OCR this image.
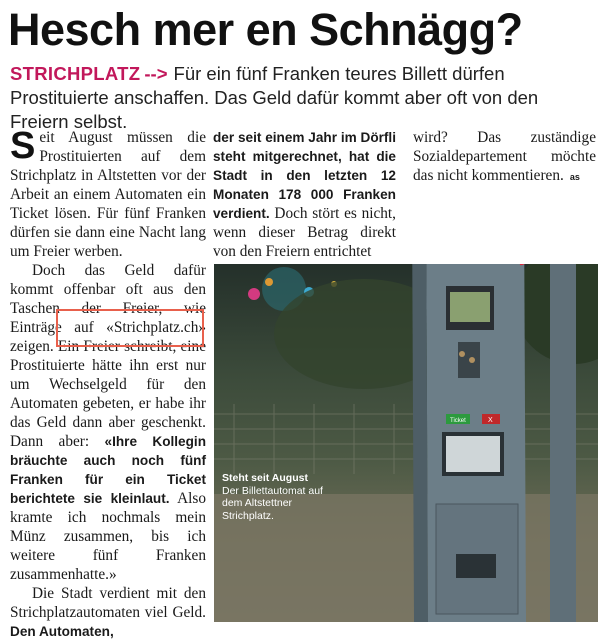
Hesch mer en Schnägg?
STRICHPLATZ --> Für ein fünf Franken teures Billett dürfen Prostituierte anschaffen. Das Geld dafür kommt aber oft von den Freiern selbst.

Seit August müssen die Prostituierten auf dem Strichplatz in Altstetten vor der Arbeit an einem Automaten ein Ticket lösen. Für fünf Franken dürfen sie dann eine Nacht lang um Freier werben.

Doch das Geld dafür kommt offenbar oft aus den Taschen der Freier, wie Einträge auf «Strichplatz.ch» zeigen. Ein Freier schreibt, eine Prostituierte hätte ihn erst nur um Wechselgeld für den Automaten gebeten, er habe ihr das Geld dann aber geschenkt. Dann aber: «Ihre Kollegin bräuchte auch noch fünf Franken für ein Ticket berichtete sie kleinlaut. Also kramte ich nochmals mein Münz zusammen, bis ich weitere fünf Franken zusammenhatte.»

Die Stadt verdient mit den Strichplatzautomaten viel Geld. Den Automaten,

der seit einem Jahr im Dörfli steht mitgerechnet, hat die Stadt in den letzten 12 Monaten 178 000 Franken verdient. Doch stört es nicht, wenn dieser Betrag direkt von den Freiern entrichtet

wird? Das zuständige Sozialdepartement möchte das nicht kommentieren. as

Ticket	X
Steht seit August
Der Billettautomat auf dem Altstettner Strichplatz.
